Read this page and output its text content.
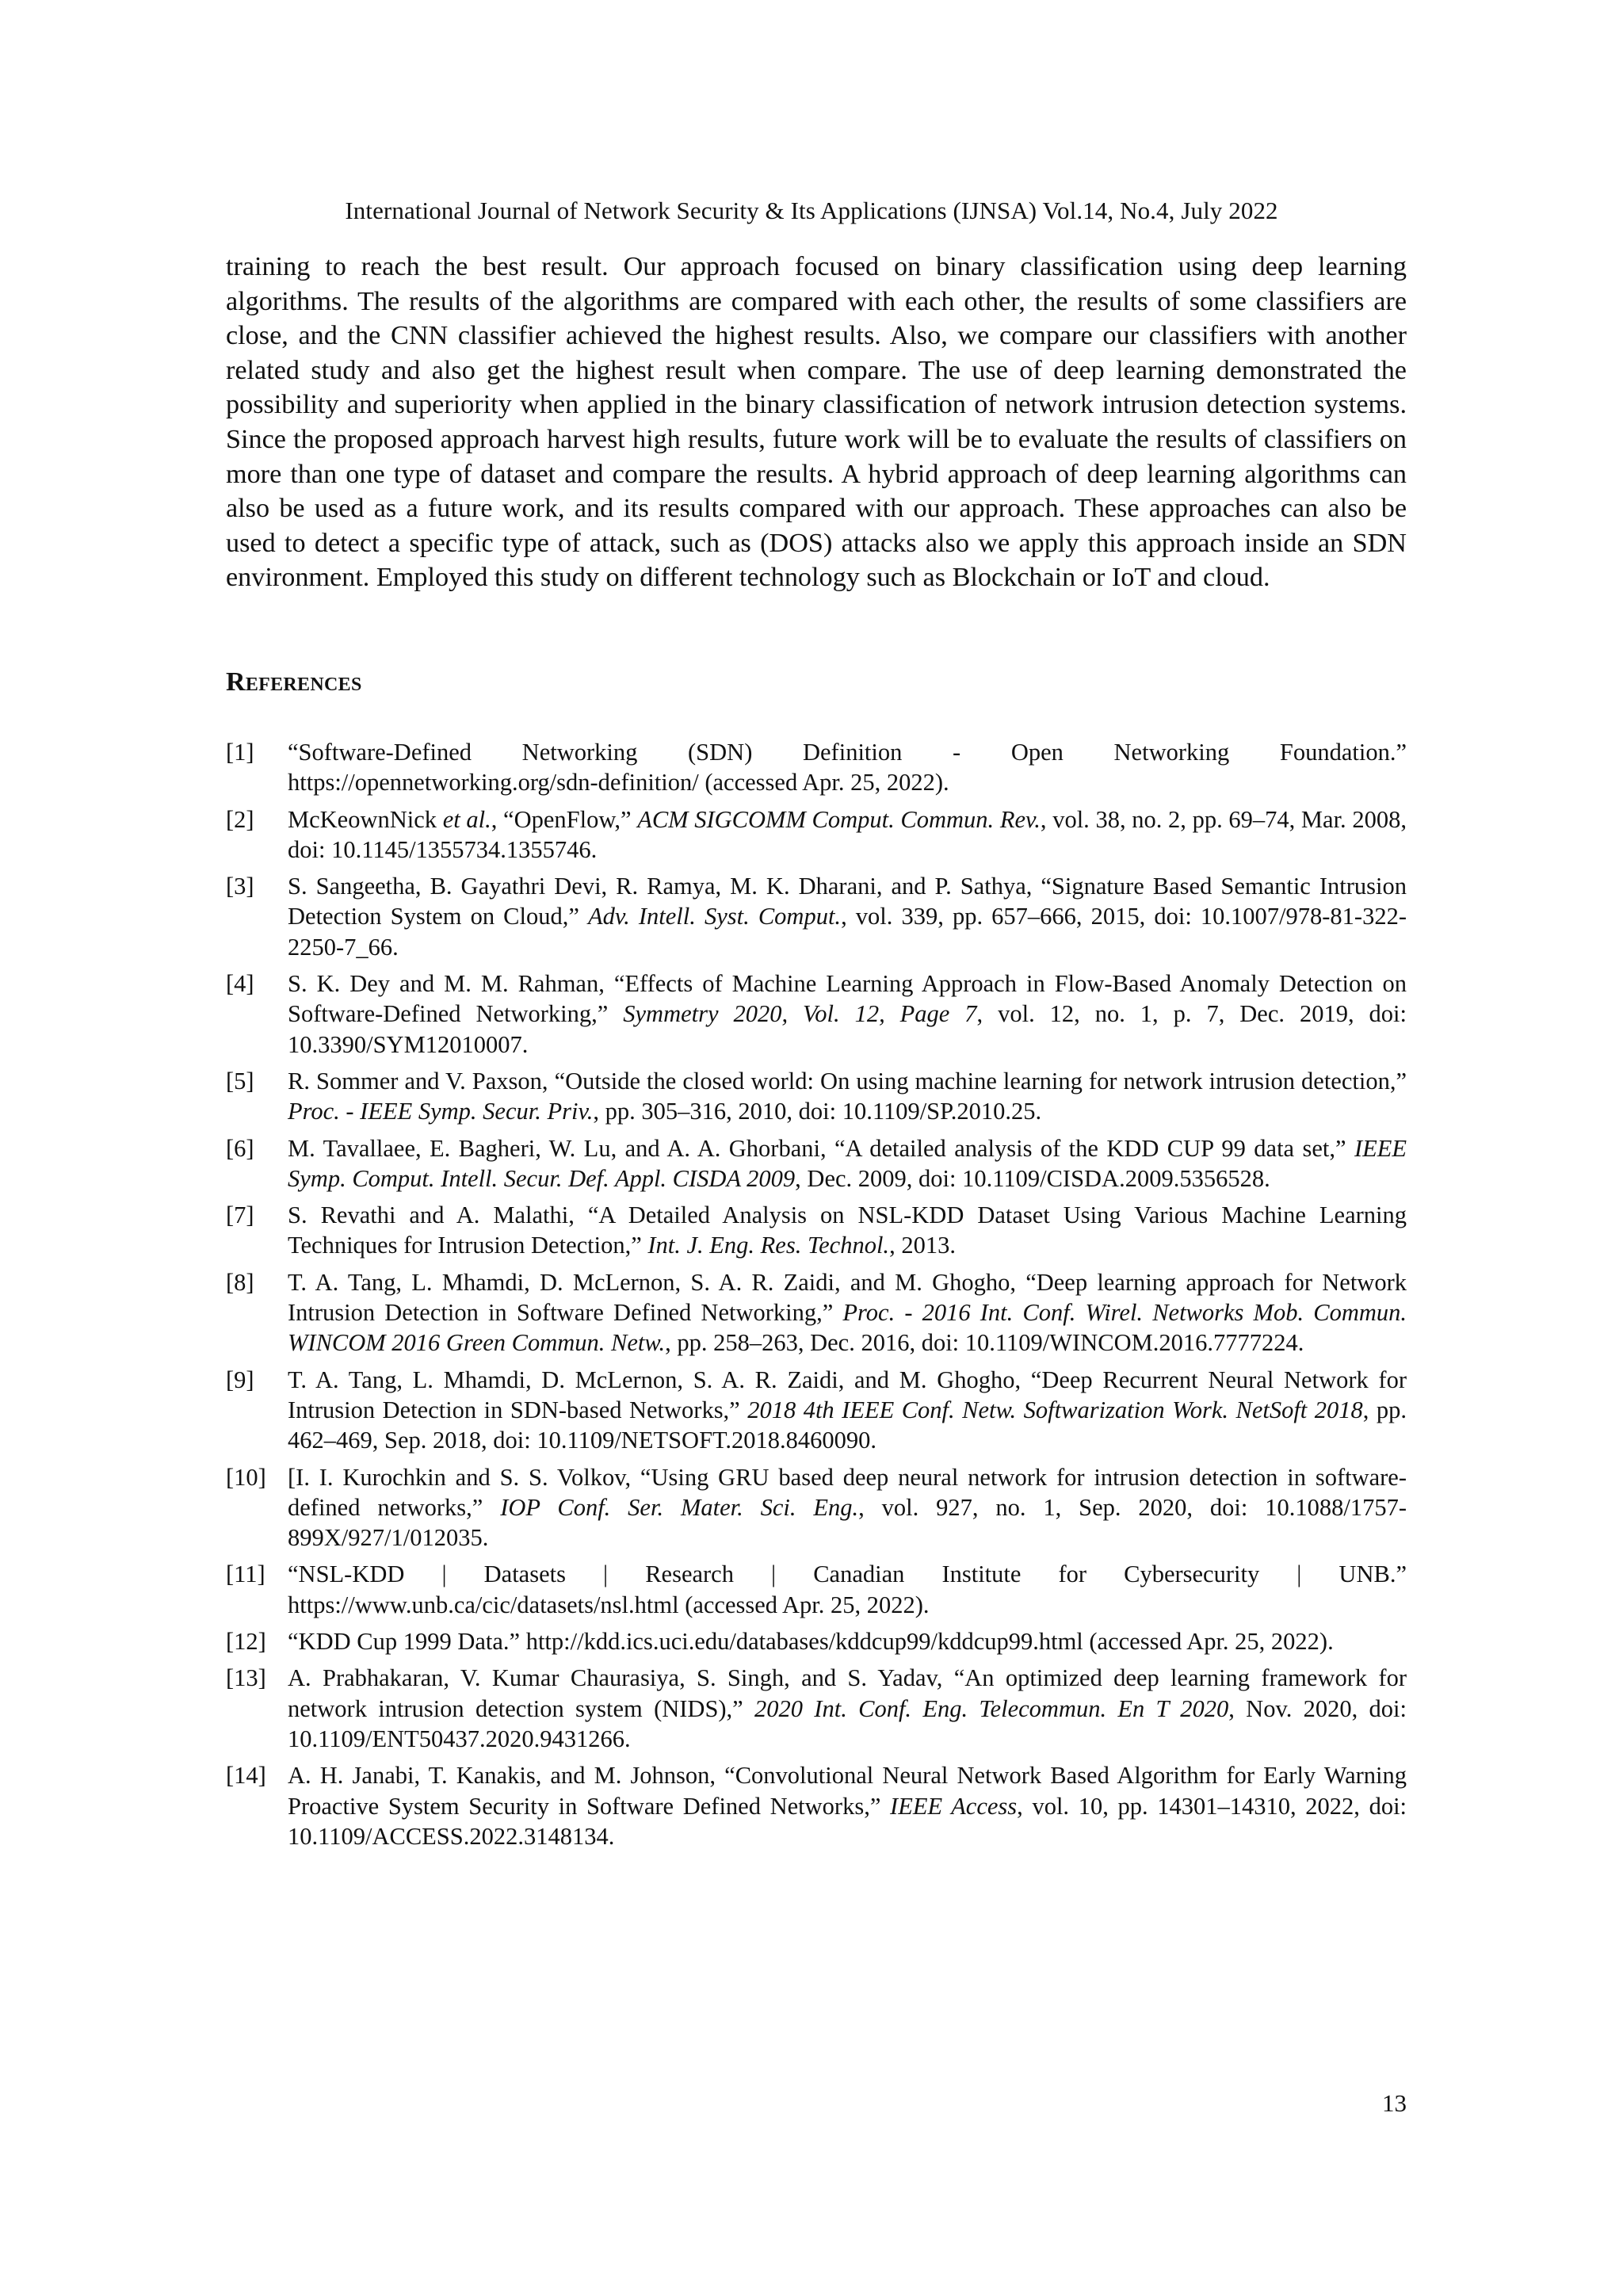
International Journal of Network Security & Its Applications (IJNSA) Vol.14, No.4, July 2022

training to reach the best result. Our approach focused on binary classification using deep learning algorithms. The results of the algorithms are compared with each other, the results of some classifiers are close, and the CNN classifier achieved the highest results. Also, we compare our classifiers with another related study and also get the highest result when compare. The use of deep learning demonstrated the possibility and superiority when applied in the binary classification of network intrusion detection systems. Since the proposed approach harvest high results, future work will be to evaluate the results of classifiers on more than one type of dataset and compare the results. A hybrid approach of deep learning algorithms can also be used as a future work, and its results compared with our approach. These approaches can also be used to detect a specific type of attack, such as (DOS) attacks also we apply this approach inside an SDN environment. Employed this study on different technology such as Blockchain or IoT and cloud.

References
[1]	“Software-Defined Networking (SDN) Definition - Open Networking Foundation.” https://opennetworking.org/sdn-definition/ (accessed Apr. 25, 2022).
[2]	McKeownNick et al., “OpenFlow,” ACM SIGCOMM Comput. Commun. Rev., vol. 38, no. 2, pp. 69–74, Mar. 2008, doi: 10.1145/1355734.1355746.
[3]	S. Sangeetha, B. Gayathri Devi, R. Ramya, M. K. Dharani, and P. Sathya, “Signature Based Semantic Intrusion Detection System on Cloud,” Adv. Intell. Syst. Comput., vol. 339, pp. 657–666, 2015, doi: 10.1007/978-81-322-2250-7_66.
[4]	S. K. Dey and M. M. Rahman, “Effects of Machine Learning Approach in Flow-Based Anomaly Detection on Software-Defined Networking,” Symmetry 2020, Vol. 12, Page 7, vol. 12, no. 1, p. 7, Dec. 2019, doi: 10.3390/SYM12010007.
[5]	R. Sommer and V. Paxson, “Outside the closed world: On using machine learning for network intrusion detection,” Proc. - IEEE Symp. Secur. Priv., pp. 305–316, 2010, doi: 10.1109/SP.2010.25.
[6]	M. Tavallaee, E. Bagheri, W. Lu, and A. A. Ghorbani, “A detailed analysis of the KDD CUP 99 data set,” IEEE Symp. Comput. Intell. Secur. Def. Appl. CISDA 2009, Dec. 2009, doi: 10.1109/CISDA.2009.5356528.
[7]	S. Revathi and A. Malathi, “A Detailed Analysis on NSL-KDD Dataset Using Various Machine Learning Techniques for Intrusion Detection,” Int. J. Eng. Res. Technol., 2013.
[8]	T. A. Tang, L. Mhamdi, D. McLernon, S. A. R. Zaidi, and M. Ghogho, “Deep learning approach for Network Intrusion Detection in Software Defined Networking,” Proc. - 2016 Int. Conf. Wirel. Networks Mob. Commun. WINCOM 2016 Green Commun. Netw., pp. 258–263, Dec. 2016, doi: 10.1109/WINCOM.2016.7777224.
[9]	T. A. Tang, L. Mhamdi, D. McLernon, S. A. R. Zaidi, and M. Ghogho, “Deep Recurrent Neural Network for Intrusion Detection in SDN-based Networks,” 2018 4th IEEE Conf. Netw. Softwarization Work. NetSoft 2018, pp. 462–469, Sep. 2018, doi: 10.1109/NETSOFT.2018.8460090.
[10] [I. I. Kurochkin and S. S. Volkov, “Using GRU based deep neural network for intrusion detection in software-defined networks,” IOP Conf. Ser. Mater. Sci. Eng., vol. 927, no. 1, Sep. 2020, doi: 10.1088/1757-899X/927/1/012035.
[11] “NSL-KDD | Datasets | Research | Canadian Institute for Cybersecurity | UNB.” https://www.unb.ca/cic/datasets/nsl.html (accessed Apr. 25, 2022).
[12] “KDD Cup 1999 Data.” http://kdd.ics.uci.edu/databases/kddcup99/kddcup99.html (accessed Apr. 25, 2022).
[13] A. Prabhakaran, V. Kumar Chaurasiya, S. Singh, and S. Yadav, “An optimized deep learning framework for network intrusion detection system (NIDS),” 2020 Int. Conf. Eng. Telecommun. En T 2020, Nov. 2020, doi: 10.1109/ENT50437.2020.9431266.
[14] A. H. Janabi, T. Kanakis, and M. Johnson, “Convolutional Neural Network Based Algorithm for Early Warning Proactive System Security in Software Defined Networks,” IEEE Access, vol. 10, pp. 14301–14310, 2022, doi: 10.1109/ACCESS.2022.3148134.
13
